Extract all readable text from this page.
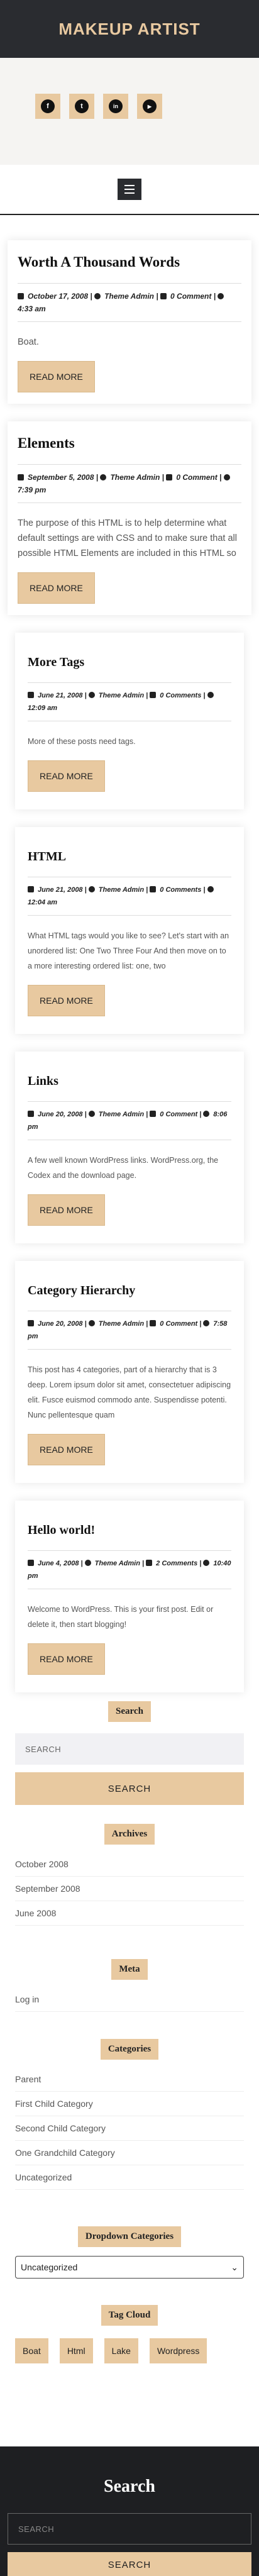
MAKEUP ARTIST
f	t	in	▶
Worth A Thousand Words
October 17, 2008 | Theme Admin | 0 Comment | 4:33 am

Boat.

READ MORE
Elements
September 5, 2008 | Theme Admin | 0 Comment | 7:39 pm

The purpose of this HTML is to help determine what default settings are with CSS and to make sure that all possible HTML Elements are included in this HTML so

READ MORE
More Tags
June 21, 2008 | Theme Admin | 0 Comments | 12:09 am

More of these posts need tags.

READ MORE
HTML
June 21, 2008 | Theme Admin | 0 Comments | 12:04 am

What HTML tags would you like to see? Let's start with an unordered list: One Two Three Four And then move on to a more interesting ordered list: one, two

READ MORE
Links
June 20, 2008 | Theme Admin | 0 Comment | 8:06 pm

A few well known WordPress links. WordPress.org, the Codex and the download page.

READ MORE
Category Hierarchy
June 20, 2008 | Theme Admin | 0 Comment | 7:58 pm

This post has 4 categories, part of a hierarchy that is 3 deep. Lorem ipsum dolor sit amet, consectetuer adipiscing elit. Fusce euismod commodo ante. Suspendisse potenti. Nunc pellentesque quam

READ MORE
Hello world!
June 4, 2008 | Theme Admin | 2 Comments | 10:40 pm

Welcome to WordPress. This is your first post. Edit or delete it, then start blogging!

READ MORE
Search
SEARCH
SEARCH
Archives
October 2008
September 2008
June 2008
Meta
Log in
Categories
Parent
First Child Category
Second Child Category
One Grandchild Category
Uncategorized
Dropdown Categories
Uncategorized	⌄
Tag Cloud
Boat	Html	Lake	Wordpress
Search
SEARCH
SEARCH
